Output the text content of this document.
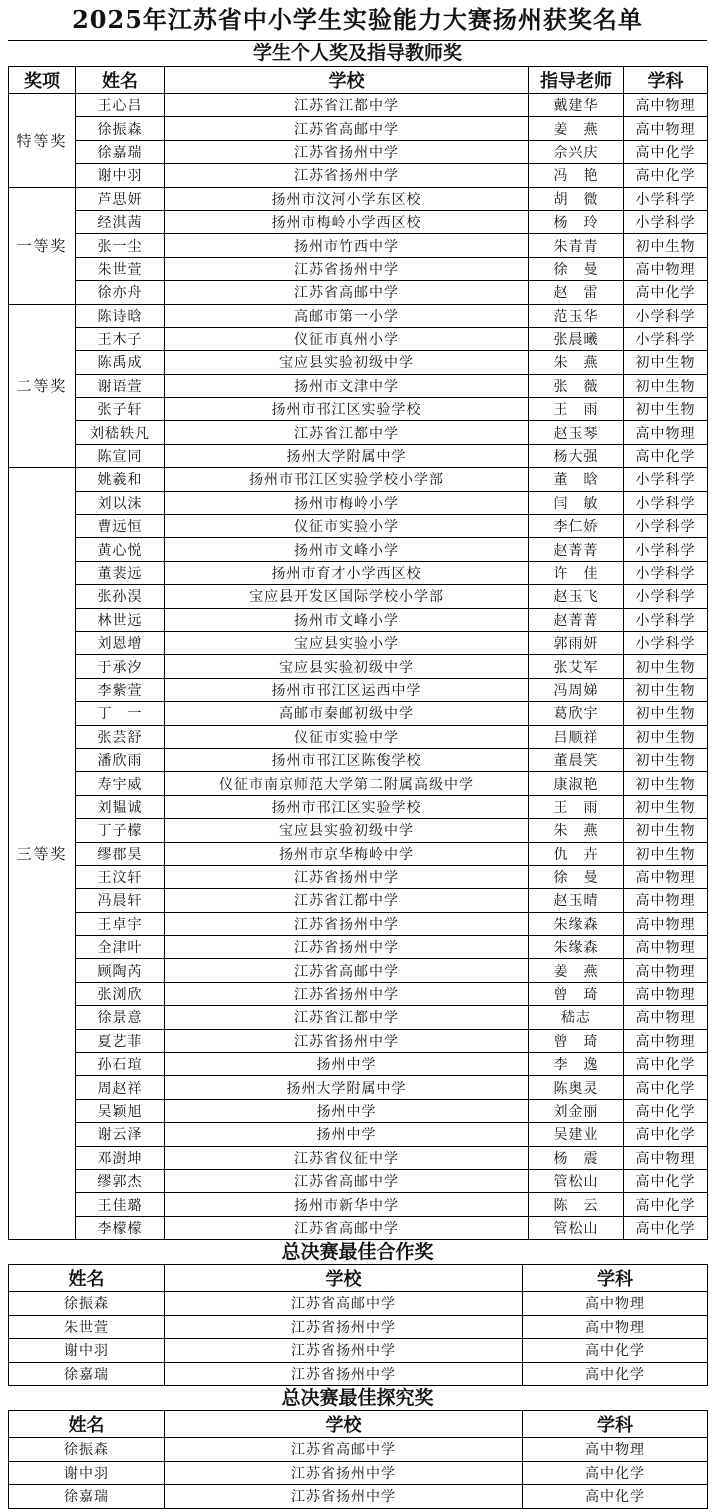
2025年江苏省中小学生实验能力大赛扬州获奖名单
学生个人奖及指导教师奖
奖项	姓名	学校	指导老师	学科
特等奖	王心吕	江苏省江都中学	戴建华	高中物理
	徐振森	江苏省高邮中学	姜　燕	高中物理
	徐嘉瑞	江苏省扬州中学	佘兴庆	高中化学
	谢中羽	江苏省扬州中学	冯　艳	高中化学
一等奖	芦思妍	扬州市汶河小学东区校	胡　微	小学科学
	经淇茜	扬州市梅岭小学西区校	杨　玲	小学科学
	张一尘	扬州市竹西中学	朱青青	初中生物
	朱世萱	江苏省扬州中学	徐　曼	高中物理
	徐亦舟	江苏省高邮中学	赵　雷	高中化学
二等奖	陈诗晗	高邮市第一小学	范玉华	小学科学
	王木子	仪征市真州小学	张晨曦	小学科学
	陈禹成	宝应县实验初级中学	朱　燕	初中生物
	谢语萱	扬州市文津中学	张　薇	初中生物
	张子轩	扬州市邗江区实验学校	王　雨	初中生物
	刘嵇轶凡	江苏省江都中学	赵玉琴	高中物理
	陈宣同	扬州大学附属中学	杨大强	高中化学
三等奖	姚羲和	扬州市邗江区实验学校小学部	董　晗	小学科学
	刘以沫	扬州市梅岭小学	闫　敏	小学科学
	曹远恒	仪征市实验小学	李仁娇	小学科学
	黄心悦	扬州市文峰小学	赵菁菁	小学科学
	董裴远	扬州市育才小学西区校	许　佳	小学科学
	张孙淏	宝应县开发区国际学校小学部	赵玉飞	小学科学
	林世远	扬州市文峰小学	赵菁菁	小学科学
	刘恩增	宝应县实验小学	郭雨妍	小学科学
	于承汐	宝应县实验初级中学	张艾军	初中生物
	李紫萱	扬州市邗江区运西中学	冯周娣	初中生物
	丁　一	高邮市秦邮初级中学	葛欣宇	初中生物
	张芸舒	仪征市实验中学	吕顺祥	初中生物
	潘欣雨	扬州市邗江区陈俊学校	董晨笑	初中生物
	寿宇威	仪征市南京师范大学第二附属高级中学	康淑艳	初中生物
	刘韫诚	扬州市邗江区实验学校	王　雨	初中生物
	丁子檬	宝应县实验初级中学	朱　燕	初中生物
	缪郡昊	扬州市京华梅岭中学	仇　卉	初中生物
	王汶轩	江苏省扬州中学	徐　曼	高中物理
	冯晨轩	江苏省江都中学	赵玉晴	高中物理
	王卓宇	江苏省扬州中学	朱缘森	高中物理
	全津叶	江苏省扬州中学	朱缘森	高中物理
	顾陶芮	江苏省高邮中学	姜　燕	高中物理
	张浏欣	江苏省扬州中学	曾　琦	高中物理
	徐景意	江苏省江都中学	嵇志	高中物理
	夏艺菲	江苏省扬州中学	曾　琦	高中物理
	孙石瑄	扬州中学	李　逸	高中化学
	周赵祥	扬州大学附属中学	陈奥灵	高中化学
	吴颖旭	扬州中学	刘金丽	高中化学
	谢云泽	扬州中学	吴建业	高中化学
	邓澍坤	江苏省仪征中学	杨　震	高中物理
	缪郭杰	江苏省高邮中学	管松山	高中化学
	王佳璐	扬州市新华中学	陈　云	高中化学
	李檬檬	江苏省高邮中学	管松山	高中化学
总决赛最佳合作奖
姓名	学校	学科
徐振森	江苏省高邮中学	高中物理
朱世萱	江苏省扬州中学	高中物理
谢中羽	江苏省扬州中学	高中化学
徐嘉瑞	江苏省扬州中学	高中化学
总决赛最佳探究奖
姓名	学校	学科
徐振森	江苏省高邮中学	高中物理
谢中羽	江苏省扬州中学	高中化学
徐嘉瑞	江苏省扬州中学	高中化学
